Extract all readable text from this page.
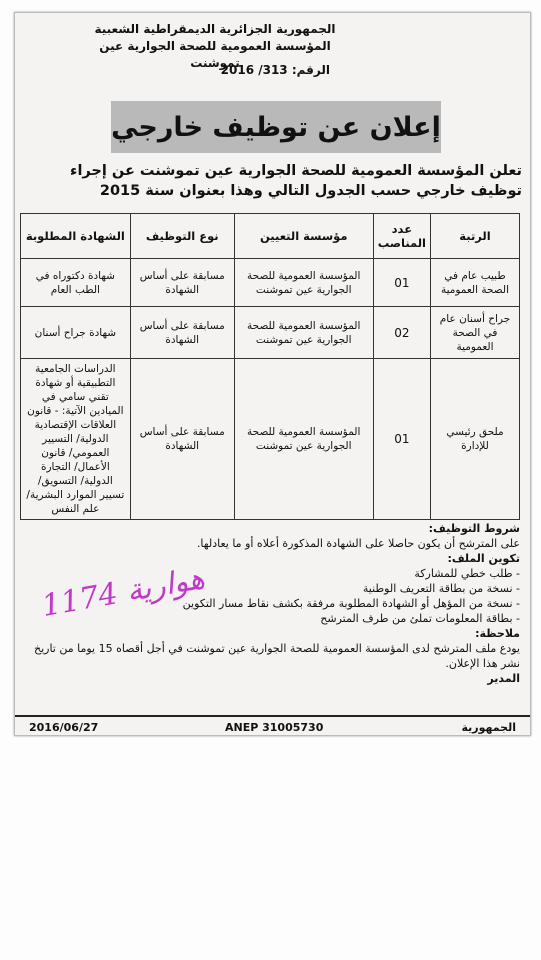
الجمهورية الجزائرية الديمقراطية الشعبية
المؤسسة العمومية للصحة الجوارية عين تموشنت
الرقم: 313/ 2016
إعلان عن توظيف خارجي
تعلن المؤسسة العمومية للصحة الجوارية عين تموشنت عن إجراء توظيف خارجي حسب الجدول التالي وهذا بعنوان سنة 2015
الرتبة	عدد المناصب	مؤسسة التعيين	نوع التوظيف	الشهادة المطلوبة
طبيب عام في الصحة العمومية	01	المؤسسة العمومية للصحة الجوارية عين تموشنت	مسابقة على أساس الشهادة	شهادة دكتوراه في الطب العام
جراح أسنان عام في الصحة العمومية	02	المؤسسة العمومية للصحة الجوارية عين تموشنت	مسابقة على أساس الشهادة	شهادة جراح أسنان
ملحق رئيسي للإدارة	01	المؤسسة العمومية للصحة الجوارية عين تموشنت	مسابقة على أساس الشهادة	الدراسات الجامعية التطبيقية أو شهادة تقني سامي في الميادين الآتية: - قانون العلاقات الإقتصادية الدولية/ التسيير العمومي/ قانون الأعمال/ التجارة الدولية/ التسويق/ تسيير الموارد البشرية/ علم النفس
شروط التوظيف:
على المترشح أن يكون حاصلا على الشهادة المذكورة أعلاه أو ما يعادلها.
تكوين الملف:
- طلب خطي للمشاركة
- نسخة من بطاقة التعريف الوطنية
- نسخة من المؤهل أو الشهادة المطلوبة مرفقة بكشف نقاط مسار التكوين
- بطاقة المعلومات تملئ من طرف المترشح
ملاحظة:
يودع ملف المترشح لدى المؤسسة العمومية للصحة الجوارية عين تموشنت في أجل أقصاه 15 يوما من تاريخ نشر هذا الإعلان.
المدير
هوارية 1174
2016/06/27	ANEP 31005730	الجمهورية
